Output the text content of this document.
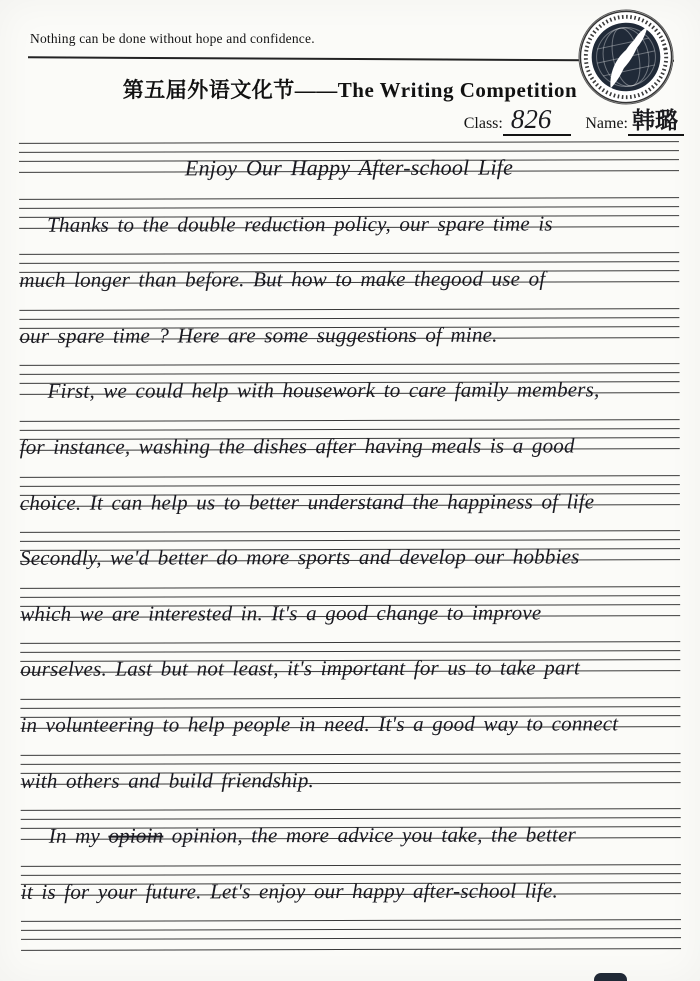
Nothing can be done without hope and confidence.
第五届外语文化节——The Writing Competition
Class: 826	Name: 韩璐
Enjoy Our Happy After-school Life
Thanks to the double reduction policy, our spare time is
much longer than before. But how to make thegood use of
our spare time ? Here are some suggestions of mine.
First, we could help with housework to care family members,
for instance, washing the dishes after having meals is a good
choice. It can help us to better understand the happiness of life
Secondly, we'd better do more sports and develop our hobbies
which we are interested in. It's a good change to improve
ourselves. Last but not least, it's important for us to take part
in volunteering to help people in need. It's a good way to connect
with others and build friendship.
In my opioin opinion, the more advice you take, the better
it is for your future. Let's enjoy our happy after-school life.
